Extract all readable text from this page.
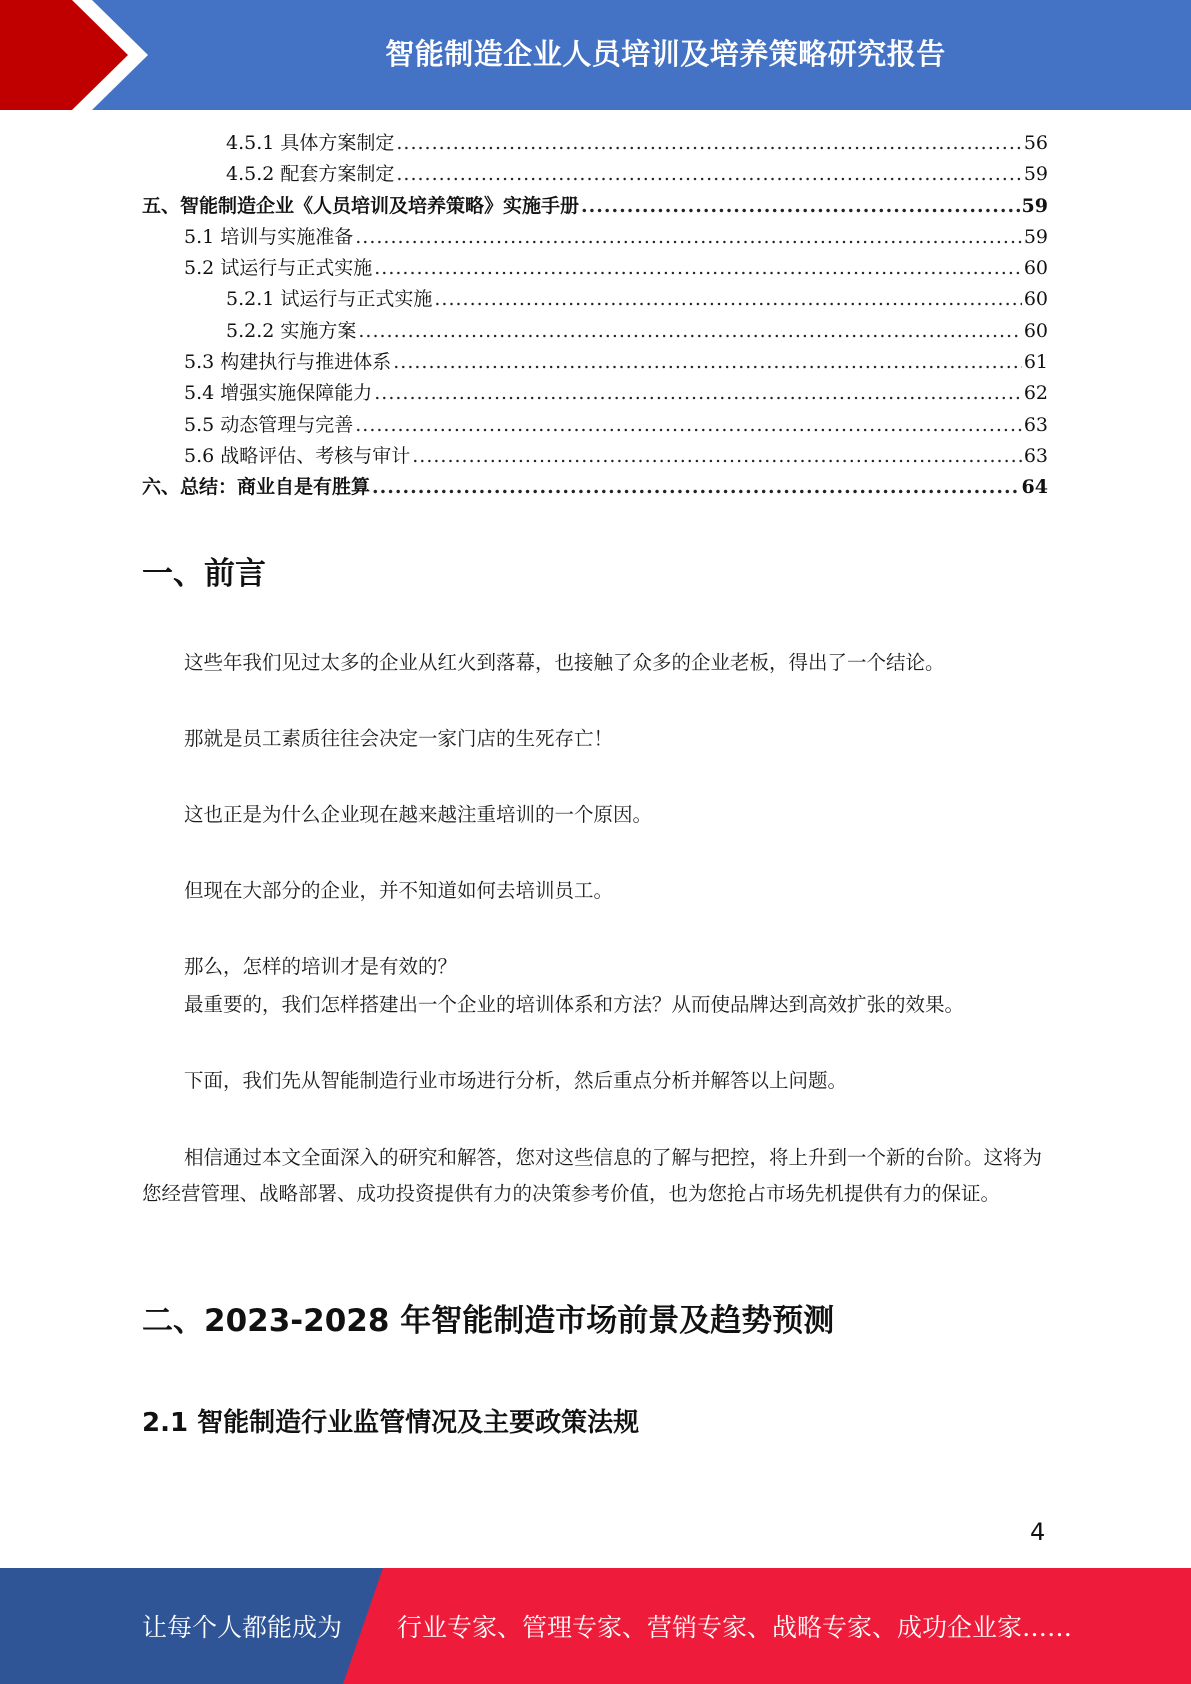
智能制造企业人员培训及培养策略研究报告
4.5.1 具体方案制定 .....	56
4.5.2 配套方案制定 .....	59
五、智能制造企业《人员培训及培养策略》实施手册 .....	59
5.1 培训与实施准备 .....	59
5.2 试运行与正式实施 .....	60
5.2.1 试运行与正式实施 .....	60
5.2.2 实施方案 .....	60
5.3 构建执行与推进体系 .....	61
5.4 增强实施保障能力 .....	62
5.5 动态管理与完善 .....	63
5.6 战略评估、考核与审计 .....	63
六、总结：商业自是有胜算 .....	64
一、前言
这些年我们见过太多的企业从红火到落幕，也接触了众多的企业老板，得出了一个结论。
那就是员工素质往往会决定一家门店的生死存亡！
这也正是为什么企业现在越来越注重培训的一个原因。
但现在大部分的企业，并不知道如何去培训员工。
那么，怎样的培训才是有效的？
最重要的，我们怎样搭建出一个企业的培训体系和方法？从而使品牌达到高效扩张的效果。
下面，我们先从智能制造行业市场进行分析，然后重点分析并解答以上问题。
相信通过本文全面深入的研究和解答，您对这些信息的了解与把控，将上升到一个新的台阶。这将为您经营管理、战略部署、成功投资提供有力的决策参考价值，也为您抢占市场先机提供有力的保证。
二、2023-2028 年智能制造市场前景及趋势预测
2.1 智能制造行业监管情况及主要政策法规
4
让每个人都能成为 行业专家、管理专家、营销专家、战略专家、成功企业家……
